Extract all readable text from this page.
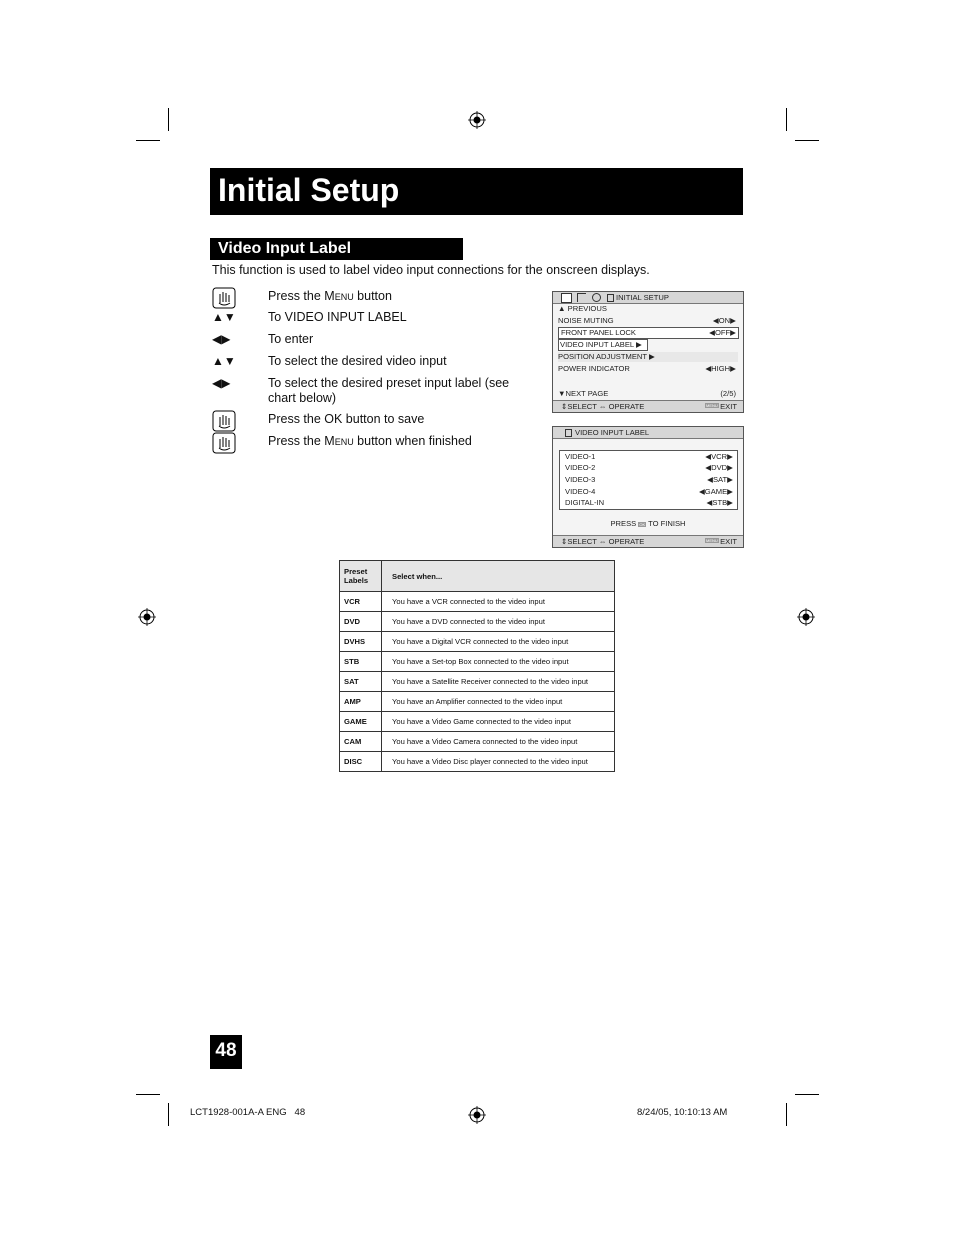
Initial Setup
Video Input Label
This function is used to label video input connections for the onscreen displays.
Press the Menu button
▲▼	To VIDEO INPUT LABEL
◀▶	To enter
▲▼	To select the desired video input
◀▶	To select the desired preset input label (see chart below)
Press the OK button to save
Press the Menu button when finished
INITIAL SETUP
▲ PREVIOUS
NOISE MUTING	◀ON▶
FRONT PANEL LOCK	◀OFF▶
VIDEO INPUT LABEL ▶
POSITION ADJUSTMENT ▶
POWER INDICATOR	◀HIGH▶
▼NEXT PAGE	(2/5)
⇕SELECT ⇔ OPERATE	MENU EXIT
VIDEO INPUT LABEL
VIDEO-1	◀VCR▶
VIDEO-2	◀DVD▶
VIDEO-3	◀SAT▶
VIDEO-4	◀GAME▶
DIGITAL-IN	◀STB▶
PRESS OK TO FINISH
⇕SELECT ⇔ OPERATE	MENU EXIT
Preset Labels	Select when...
VCR	You have a VCR connected to the video input
DVD	You have a DVD connected to the video input
DVHS	You have a Digital VCR connected to the video input
STB	You have a Set-top Box connected to the video input
SAT	You have a Satellite Receiver connected to the video input
AMP	You have an Amplifier connected to the video input
GAME	You have a Video Game connected to the video input
CAM	You have a Video Camera connected to the video input
DISC	You have a Video Disc player connected to the video input
48
LCT1928-001A-A ENG   48	8/24/05, 10:10:13 AM
